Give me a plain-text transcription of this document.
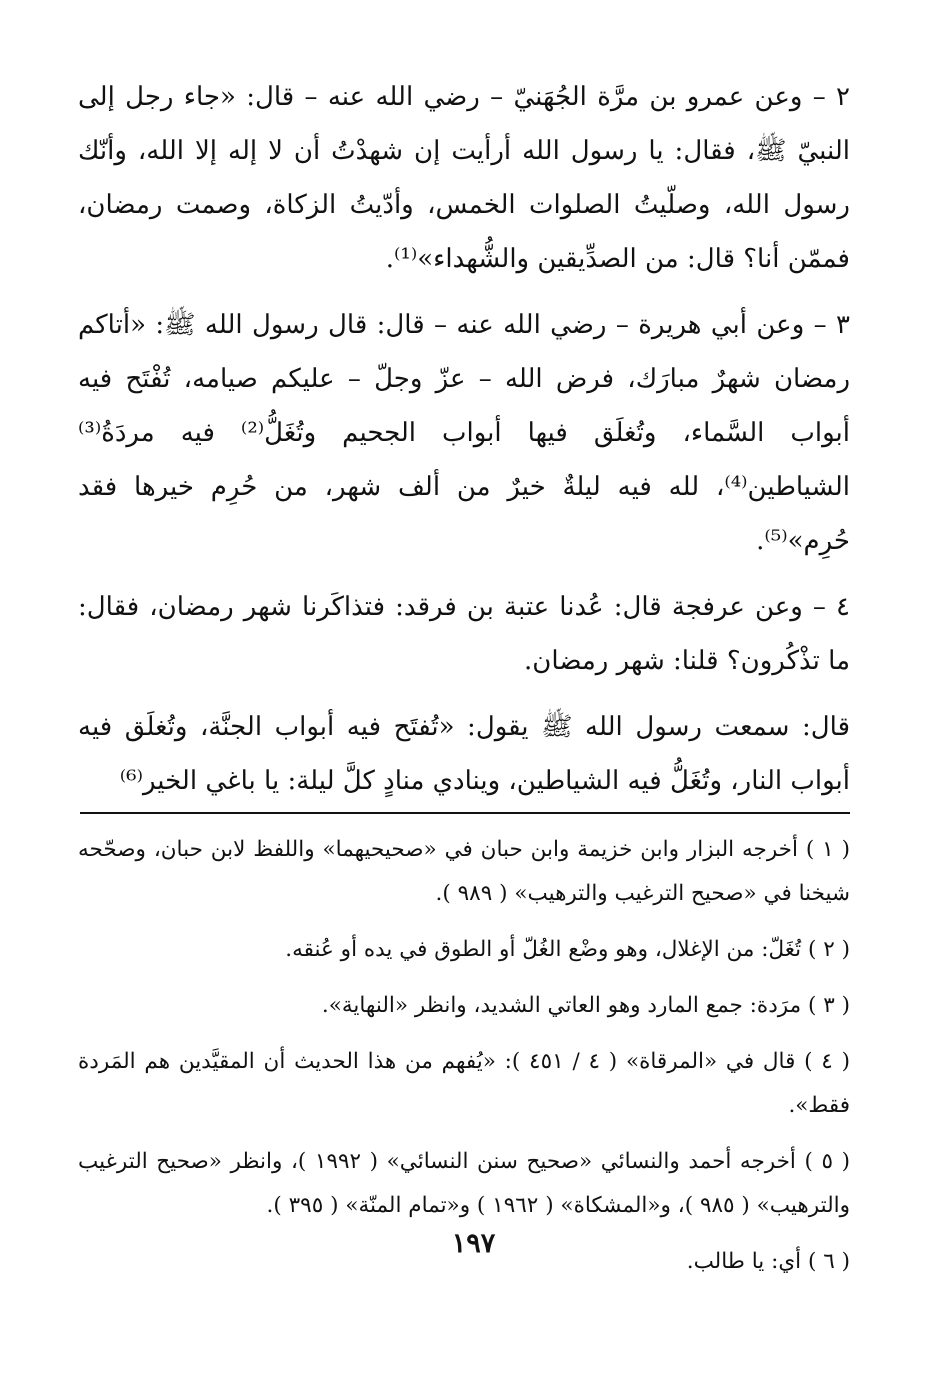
٢ – وعن عمرو بن مرَّة الجُهَنيّ – رضي الله عنه – قال: «جاء رجل إلى النبيّ ﷺ، فقال: يا رسول الله أرأيت إن شهدْتُ أن لا إله إلا الله، وأنّك رسول الله، وصلّيتُ الصلوات الخمس، وأدّيتُ الزكاة، وصمت رمضان، فممّن أنا؟ قال: من الصدِّيقين والشُّهداء»⁽¹⁾.

٣ – وعن أبي هريرة – رضي الله عنه – قال: قال رسول الله ﷺ: «أتاكم رمضان شهرٌ مبارَك، فرض الله – عزّ وجلّ – عليكم صيامه، تُفْتَح فيه أبواب السَّماء، وتُغلَق فيها أبواب الجحيم وتُغَلُّ⁽²⁾ فيه مردَةُ⁽³⁾ الشياطين⁽⁴⁾، لله فيه ليلةٌ خيرٌ من ألف شهر، من حُرِم خيرها فقد حُرِم»⁽⁵⁾.

٤ – وعن عرفجة قال: عُدنا عتبة بن فرقد: فتذاكَرنا شهر رمضان، فقال: ما تذْكُرون؟ قلنا: شهر رمضان.

قال: سمعت رسول الله ﷺ يقول: «تُفتَح فيه أبواب الجنَّة، وتُغلَق فيه أبواب النار، وتُغَلُّ فيه الشياطين، وينادي منادٍ كلَّ ليلة: يا باغي الخير⁽⁶⁾

( ١ ) أخرجه البزار وابن خزيمة وابن حبان في «صحيحيهما» واللفظ لابن حبان، وصحّحه شيخنا في «صحيح الترغيب والترهيب» ( ٩٨٩ ).

( ٢ ) تُغَلّ: من الإغلال، وهو وضْع الغُلّ أو الطوق في يده أو عُنقه.

( ٣ ) مرَدة: جمع المارد وهو العاتي الشديد، وانظر «النهاية».

( ٤ ) قال في «المرقاة» ( ٤ / ٤٥١ ): «يُفهم من هذا الحديث أن المقيَّدين هم المَردة فقط».

( ٥ ) أخرجه أحمد والنسائي «صحيح سنن النسائي» ( ١٩٩٢ )، وانظر «صحيح الترغيب والترهيب» ( ٩٨٥ )، و«المشكاة» ( ١٩٦٢ ) و«تمام المنّة» ( ٣٩٥ ).

( ٦ ) أي: يا طالب.

١٩٧
